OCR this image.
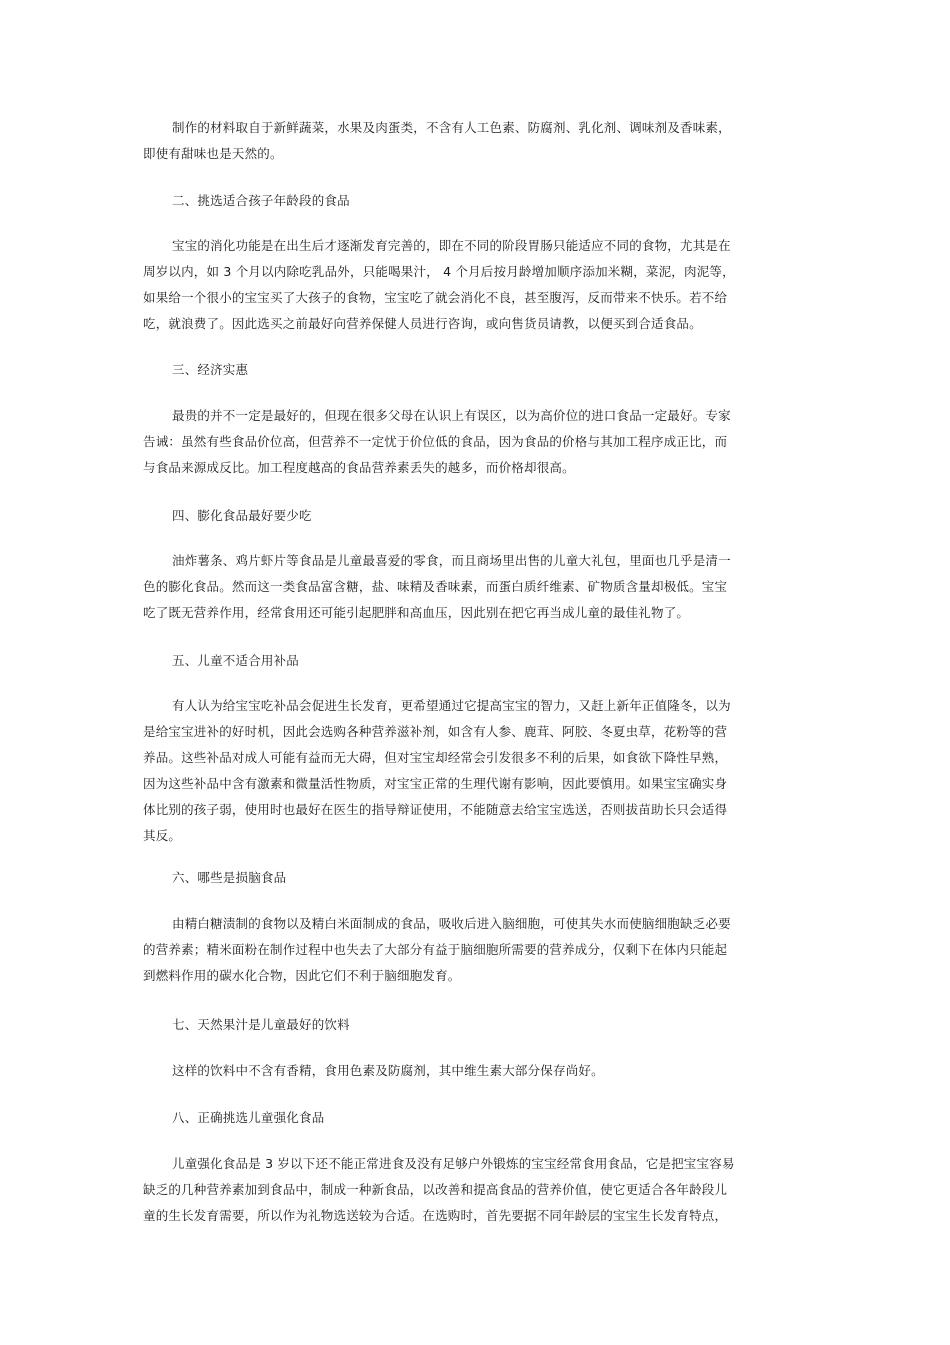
制作的材料取自于新鲜蔬菜，水果及肉蛋类，不含有人工色素、防腐剂、乳化剂、调味剂及香味素，
即使有甜味也是天然的。
二、挑选适合孩子年龄段的食品
宝宝的消化功能是在出生后才逐渐发育完善的，即在不同的阶段胃肠只能适应不同的食物，尤其是在
周岁以内，如 3 个月以内除吃乳品外，只能喝果汁， 4 个月后按月龄增加顺序添加米糊，菜泥，肉泥等，
如果给一个很小的宝宝买了大孩子的食物，宝宝吃了就会消化不良，甚至腹泻，反而带来不快乐。若不给
吃，就浪费了。因此选买之前最好向营养保健人员进行咨询，或向售货员请教，以便买到合适食品。
三、经济实惠
最贵的并不一定是最好的，但现在很多父母在认识上有误区，以为高价位的进口食品一定最好。专家
告诫：虽然有些食品价位高，但营养不一定忧于价位低的食品，因为食品的价格与其加工程序成正比，而
与食品来源成反比。加工程度越高的食品营养素丢失的越多，而价格却很高。
四、膨化食品最好要少吃
油炸薯条、鸡片虾片等食品是儿童最喜爱的零食，而且商场里出售的儿童大礼包，里面也几乎是清一
色的膨化食品。然而这一类食品富含糖，盐、味精及香味素，而蛋白质纤维素、矿物质含量却极低。宝宝
吃了既无营养作用，经常食用还可能引起肥胖和高血压，因此别在把它再当成儿童的最佳礼物了。
五、儿童不适合用补品
有人认为给宝宝吃补品会促进生长发育，更希望通过它提高宝宝的智力，又赶上新年正值隆冬，以为
是给宝宝进补的好时机，因此会选购各种营养滋补剂，如含有人参、鹿茸、阿胶、冬夏虫草，花粉等的营
养品。这些补品对成人可能有益而无大碍，但对宝宝却经常会引发很多不利的后果，如食欲下降性早熟，
因为这些补品中含有激素和微量活性物质，对宝宝正常的生理代谢有影响，因此要慎用。如果宝宝确实身
体比别的孩子弱，使用时也最好在医生的指导辩证使用，不能随意去给宝宝选送，否则拔苗助长只会适得
其反。
六、哪些是损脑食品
由精白糖渍制的食物以及精白米面制成的食品，吸收后进入脑细胞，可使其失水而使脑细胞缺乏必要
的营养素；精米面粉在制作过程中也失去了大部分有益于脑细胞所需要的营养成分，仅剩下在体内只能起
到燃料作用的碳水化合物，因此它们不利于脑细胞发育。
七、天然果汁是儿童最好的饮料
这样的饮料中不含有香精，食用色素及防腐剂，其中维生素大部分保存尚好。
八、正确挑选儿童强化食品
儿童强化食品是 3 岁以下还不能正常进食及没有足够户外锻炼的宝宝经常食用食品，它是把宝宝容易
缺乏的几种营养素加到食品中，制成一种新食品，以改善和提高食品的营养价值，使它更适合各年龄段儿
童的生长发育需要，所以作为礼物选送较为合适。在选购时，首先要据不同年龄层的宝宝生长发育特点，
